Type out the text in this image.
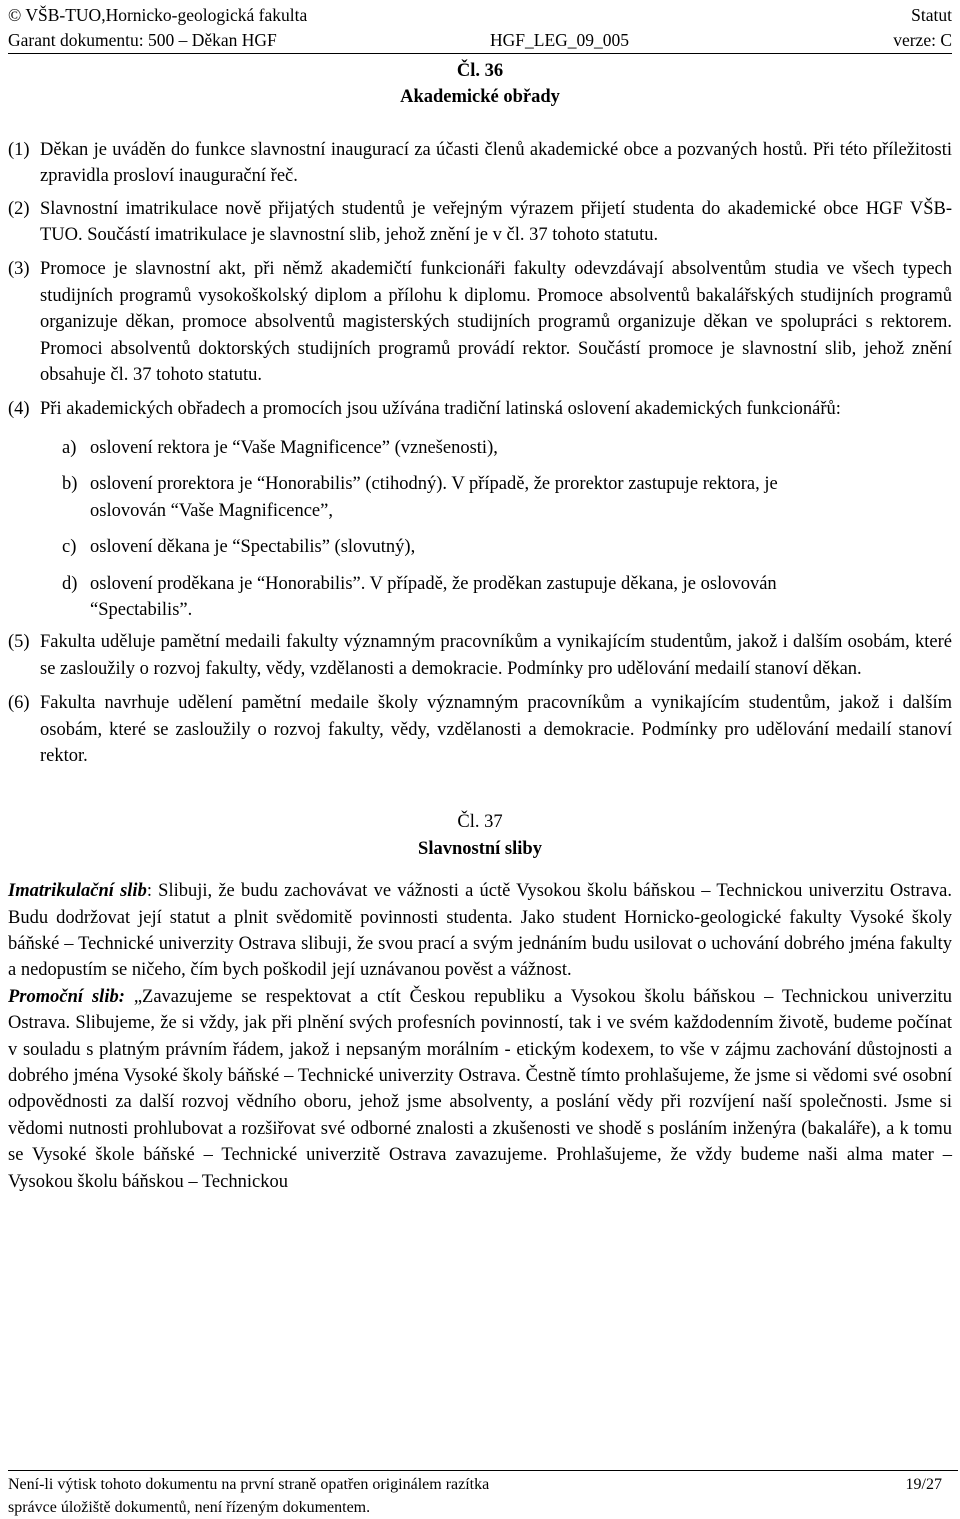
© VŠB-TUO,Hornicko-geologická fakulta	Statut
Garant dokumentu: 500 – Děkan HGF	HGF_LEG_09_005	verze: C
Čl. 36
Akademické obřady
(1) Děkan je uváděn do funkce slavnostní inaugurací za účasti členů akademické obce a pozvaných hostů. Při této příležitosti zpravidla prosloví inaugurační řeč.
(2) Slavnostní imatrikulace nově přijatých studentů je veřejným výrazem přijetí studenta do akademické obce HGF VŠB-TUO. Součástí imatrikulace je slavnostní slib, jehož znění je v čl. 37 tohoto statutu.
(3) Promoce je slavnostní akt, při němž akademičtí funkcionáři fakulty odevzdávají absolventům studia ve všech typech studijních programů vysokoškolský diplom a přílohu k diplomu. Promoce absolventů bakalářských studijních programů organizuje děkan, promoce absolventů magisterských studijních programů organizuje děkan ve spolupráci s rektorem. Promoci absolventů doktorských studijních programů provádí rektor. Součástí promoce je slavnostní slib, jehož znění obsahuje čl. 37 tohoto statutu.
(4) Při akademických obřadech a promocích jsou užívána tradiční latinská oslovení akademických funkcionářů:
a) oslovení rektora je “Vaše Magnificence” (vznešenosti),
b) oslovení prorektora je “Honorabilis” (ctihodný). V případě, že prorektor zastupuje rektora, je oslovován “Vaše Magnificence”,
c) oslovení děkana je “Spectabilis” (slovutný),
d) oslovení proděkana je “Honorabilis”. V případě, že proděkan zastupuje děkana, je oslovován “Spectabilis”.
(5) Fakulta uděluje pamětní medaili fakulty významným pracovníkům a vynikajícím studentům, jakož i dalším osobám, které se zasloužily o rozvoj fakulty, vědy, vzdělanosti a demokracie. Podmínky pro udělování medailí stanoví děkan.
(6) Fakulta navrhuje udělení pamětní medaile školy významným pracovníkům a vynikajícím studentům, jakož i dalším osobám, které se zasloužily o rozvoj fakulty, vědy, vzdělanosti a demokracie. Podmínky pro udělování medailí stanoví rektor.
Čl. 37
Slavnostní sliby

Imatrikulační slib: Slibuji, že budu zachovávat ve vážnosti a úctě Vysokou školu báňskou – Technickou univerzitu Ostrava. Budu dodržovat její statut a plnit svědomitě povinnosti studenta. Jako student Hornicko-geologické fakulty Vysoké školy báňské – Technické univerzity Ostrava slibuji, že svou prací a svým jednáním budu usilovat o uchování dobrého jména fakulty a nedopustím se ničeho, čím bych poškodil její uznávanou pověst a vážnost.

Promoční slib: „Zavazujeme se respektovat a ctít Českou republiku a Vysokou školu báňskou – Technickou univerzitu Ostrava. Slibujeme, že si vždy, jak při plnění svých profesních povinností, tak i ve svém každodenním životě, budeme počínat v souladu s platným právním řádem, jakož i nepsaným morálním - etickým kodexem, to vše v zájmu zachování důstojnosti a dobrého jména Vysoké školy báňské – Technické univerzity Ostrava. Čestně tímto prohlašujeme, že jsme si vědomi své osobní odpovědnosti za další rozvoj vědního oboru, jehož jsme absolventy, a poslání vědy při rozvíjení naší společnosti. Jsme si vědomi nutnosti prohlubovat a rozšiřovat své odborné znalosti a zkušenosti ve shodě s posláním inženýra (bakaláře), a k tomu se Vysoké škole báňské – Technické univerzitě Ostrava zavazujeme. Prohlašujeme, že vždy budeme naši alma mater – Vysokou školu báňskou – Technickou

Není-li výtisk tohoto dokumentu na první straně opatřen originálem razítka	19/27
správce úložiště dokumentů, není řízeným dokumentem.
